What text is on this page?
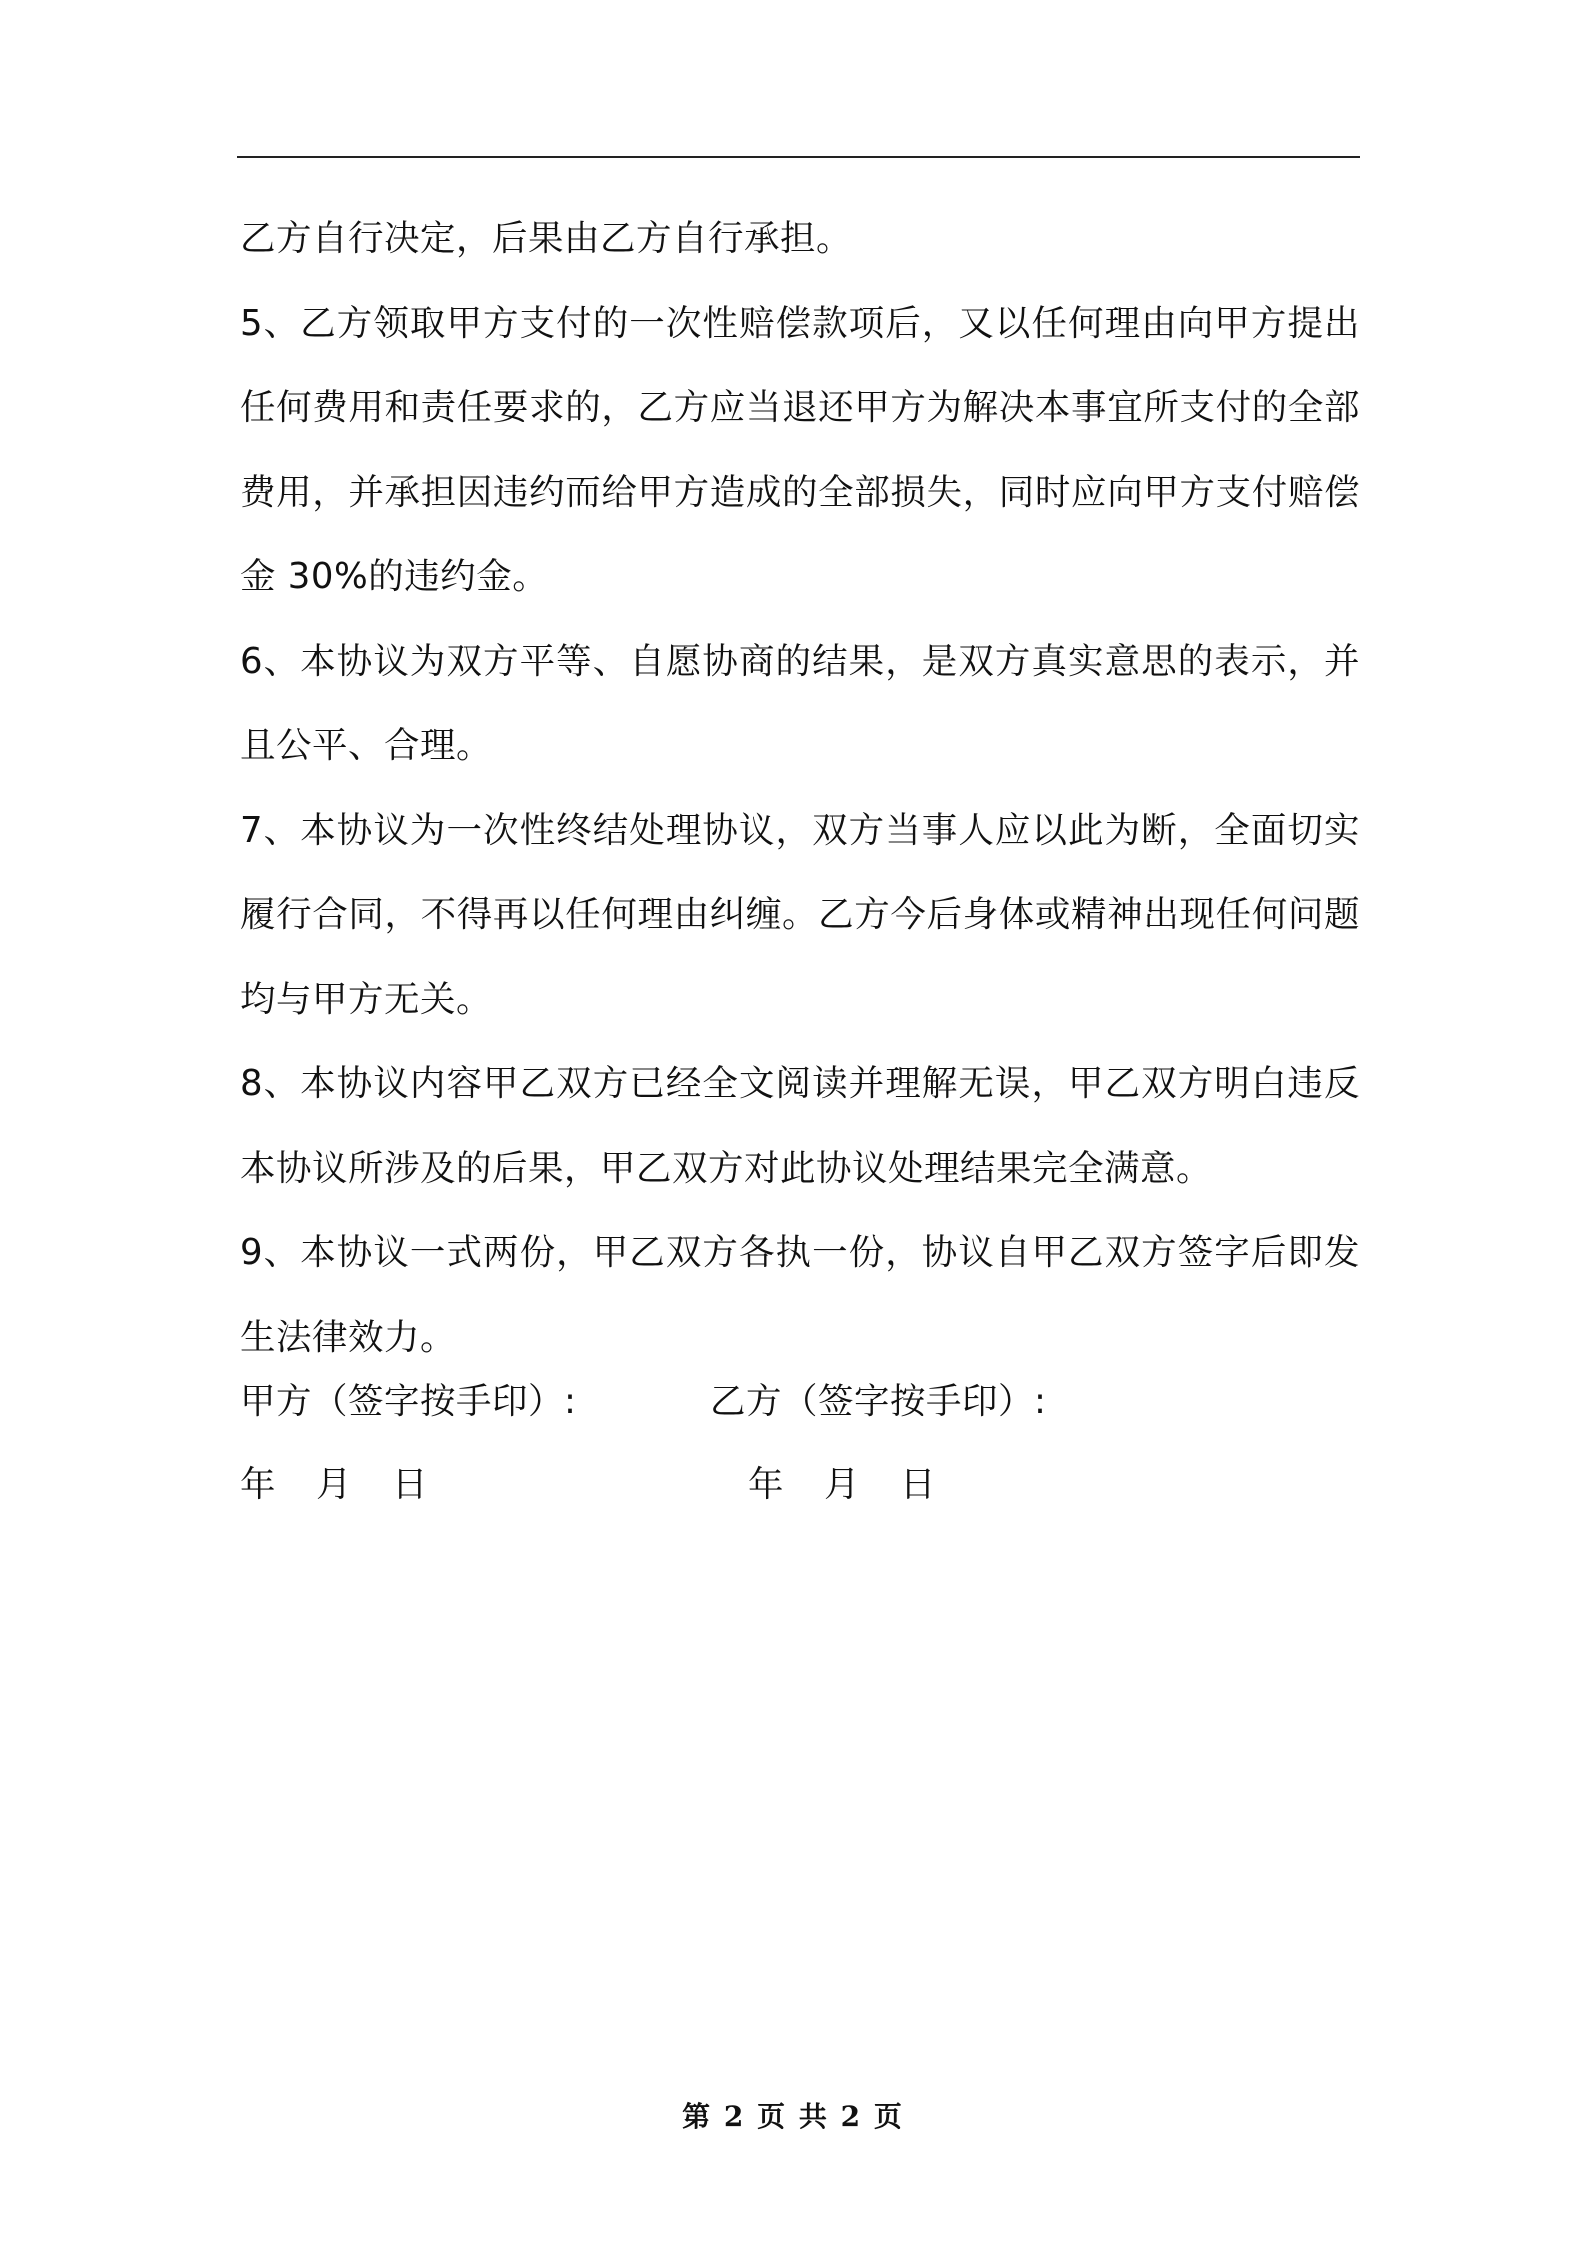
乙方自行决定，后果由乙方自行承担。

5、乙方领取甲方支付的一次性赔偿款项后，又以任何理由向甲方提出任何费用和责任要求的，乙方应当退还甲方为解决本事宜所支付的全部费用，并承担因违约而给甲方造成的全部损失，同时应向甲方支付赔偿金 30%的违约金。

6、本协议为双方平等、自愿协商的结果，是双方真实意思的表示，并且公平、合理。

7、本协议为一次性终结处理协议，双方当事人应以此为断，全面切实履行合同，不得再以任何理由纠缠。乙方今后身体或精神出现任何问题均与甲方无关。

8、本协议内容甲乙双方已经全文阅读并理解无误，甲乙双方明白违反本协议所涉及的后果，甲乙双方对此协议处理结果完全满意。

9、本协议一式两份，甲乙双方各执一份，协议自甲乙双方签字后即发生法律效力。

甲方（签字按手印）:	乙方（签字按手印）:
年 月 日	年 月 日
第 2 页 共 2 页
